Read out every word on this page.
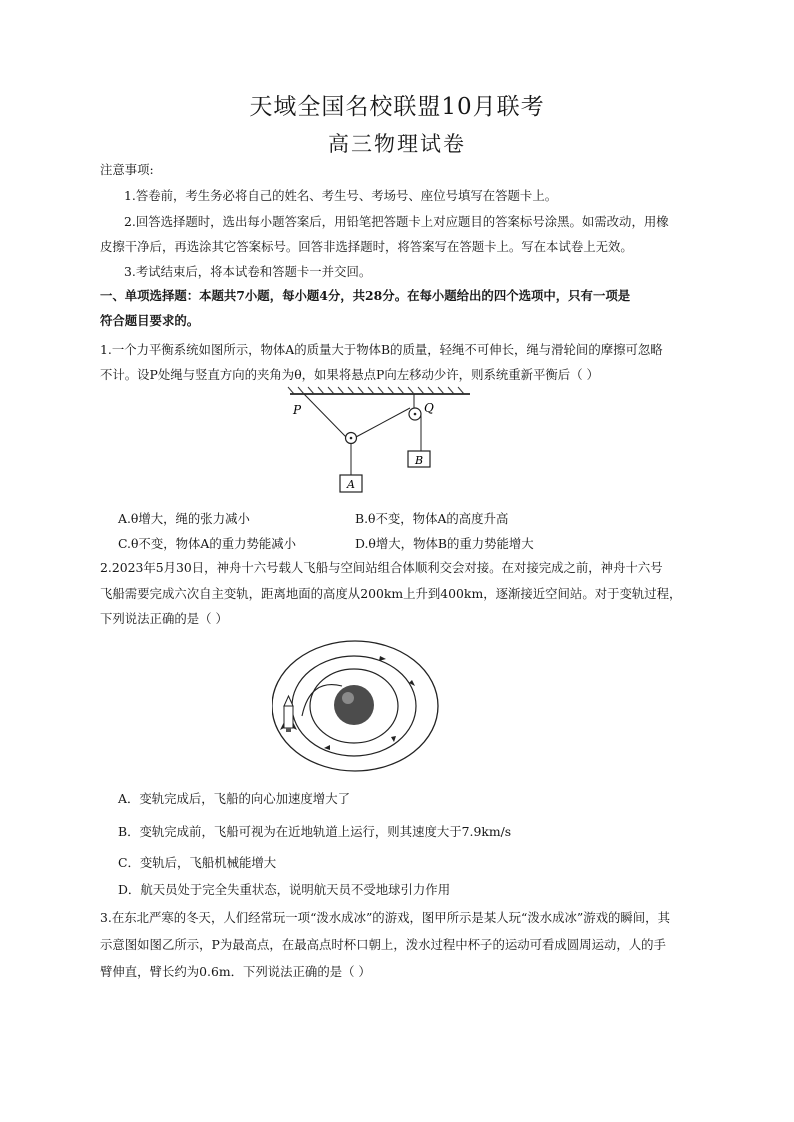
天域全国名校联盟10月联考
高三物理试卷
注意事项:
1.答卷前，考生务必将自己的姓名、考生号、考场号、座位号填写在答题卡上。
2.回答选择题时，选出每小题答案后，用铅笔把答题卡上对应题目的答案标号涂黑。如需改动，用橡
皮擦干净后，再选涂其它答案标号。回答非选择题时，将答案写在答题卡上。写在本试卷上无效。
3.考试结束后，将本试卷和答题卡一并交回。
一、单项选择题：本题共7小题，每小题4分，共28分。在每小题给出的四个选项中，只有一项是
符合题目要求的。
1.一个力平衡系统如图所示，物体A的质量大于物体B的质量，轻绳不可伸长，绳与滑轮间的摩擦可忽略
不计。设P处绳与竖直方向的夹角为θ，如果将悬点P向左移动少许，则系统重新平衡后（ ）
P	Q
B
A
A.θ增大，绳的张力减小	B.θ不变，物体A的高度升高
C.θ不变，物体A的重力势能减小	D.θ增大，物体B的重力势能增大
2.2023年5月30日，神舟十六号载人飞船与空间站组合体顺利交会对接。在对接完成之前，神舟十六号
飞船需要完成六次自主变轨，距离地面的高度从200km上升到400km，逐渐接近空间站。对于变轨过程，
下列说法正确的是（ ）
A．变轨完成后，飞船的向心加速度增大了
B．变轨完成前，飞船可视为在近地轨道上运行，则其速度大于7.9km/s
C．变轨后，飞船机械能增大
D．航天员处于完全失重状态，说明航天员不受地球引力作用
3.在东北严寒的冬天，人们经常玩一项“泼水成冰”的游戏，图甲所示是某人玩“泼水成冰”游戏的瞬间，其
示意图如图乙所示，P为最高点，在最高点时杯口朝上，泼水过程中杯子的运动可看成圆周运动，人的手
臂伸直，臂长约为0.6m．下列说法正确的是（ ）
